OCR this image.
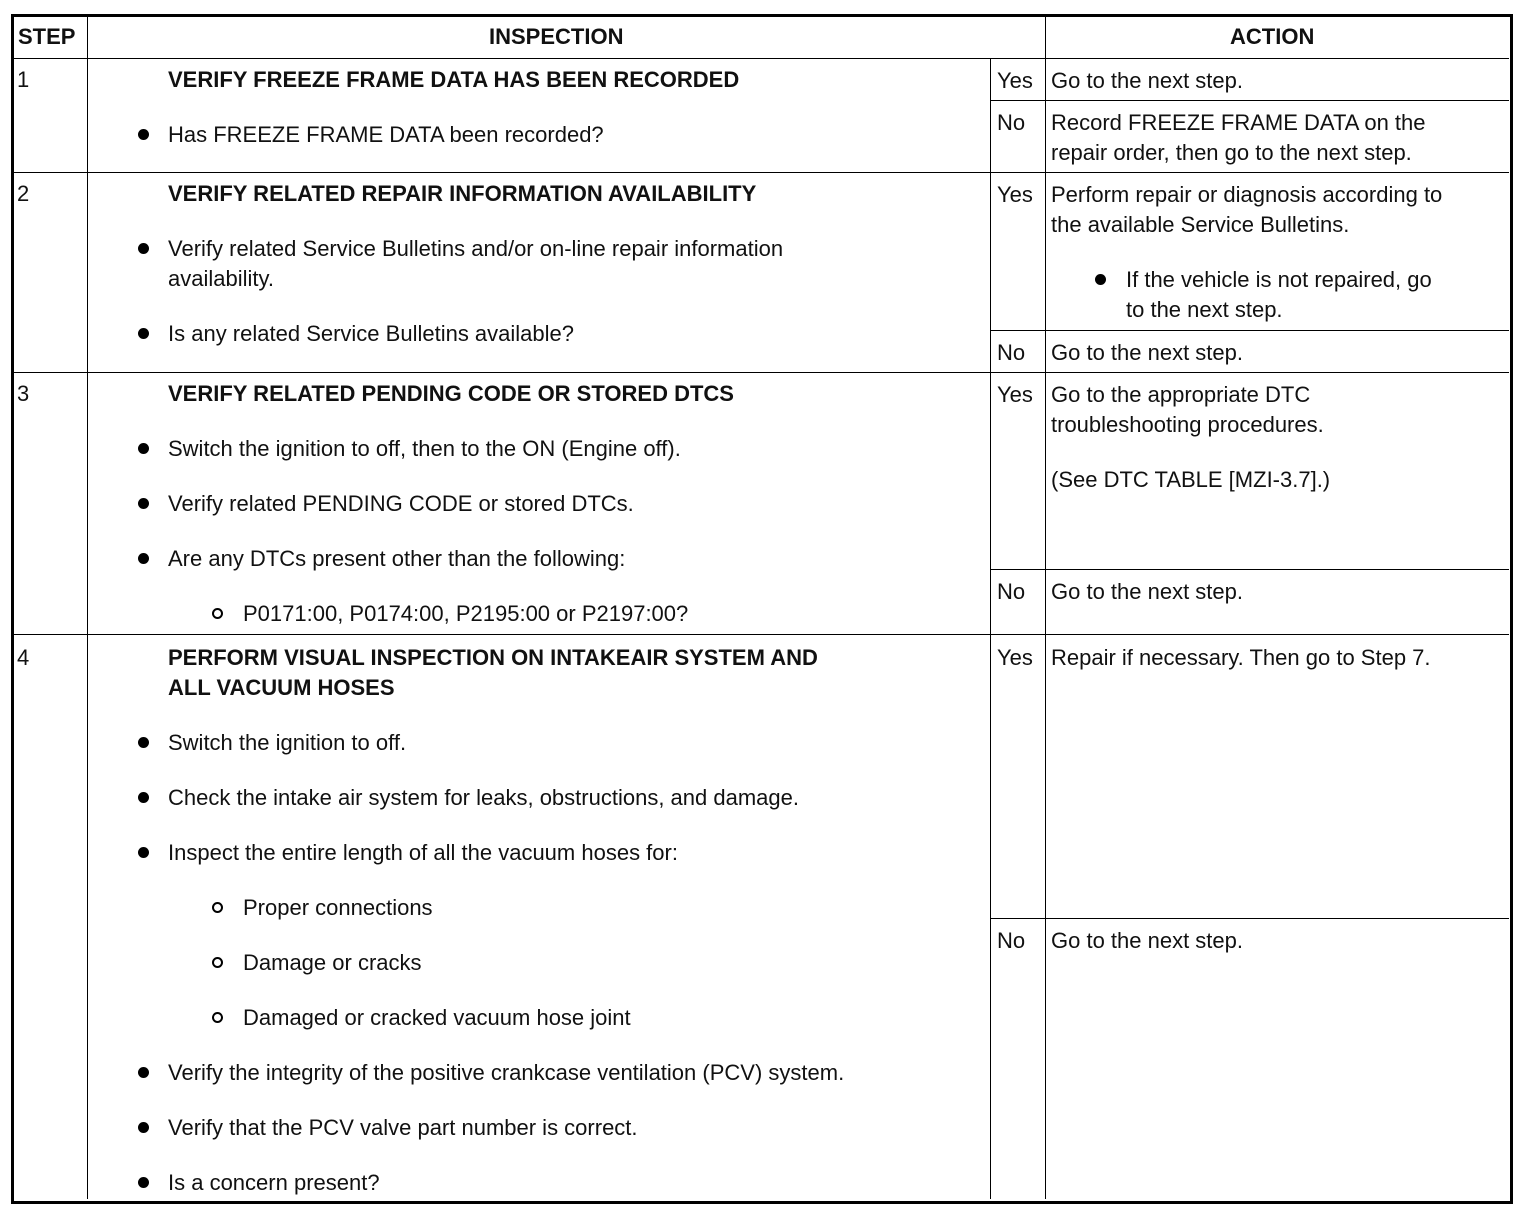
STEP	INSPECTION	ACTION
1	VERIFY FREEZE FRAME DATA HAS BEEN RECORDED
Has FREEZE FRAME DATA been recorded?
Yes Go to the next step.
No Record FREEZE FRAME DATA on the
repair order, then go to the next step.
2	VERIFY RELATED REPAIR INFORMATION AVAILABILITY
Verify related Service Bulletins and/or on-line repair information
availability.
Is any related Service Bulletins available?
Yes Perform repair or diagnosis according to
the available Service Bulletins.
If the vehicle is not repaired, go
to the next step.
No Go to the next step.
3	VERIFY RELATED PENDING CODE OR STORED DTCS
Switch the ignition to off, then to the ON (Engine off).
Verify related PENDING CODE or stored DTCs.
Are any DTCs present other than the following:
P0171:00, P0174:00, P2195:00 or P2197:00?
Yes Go to the appropriate DTC
troubleshooting procedures.
(See DTC TABLE [MZI-3.7].)
No Go to the next step.
4	PERFORM VISUAL INSPECTION ON INTAKEAIR SYSTEM AND
ALL VACUUM HOSES
Switch the ignition to off.
Check the intake air system for leaks, obstructions, and damage.
Inspect the entire length of all the vacuum hoses for:
Proper connections
Damage or cracks
Damaged or cracked vacuum hose joint
Verify the integrity of the positive crankcase ventilation (PCV) system.
Verify that the PCV valve part number is correct.
Is a concern present?
Yes Repair if necessary. Then go to Step 7.
No Go to the next step.
